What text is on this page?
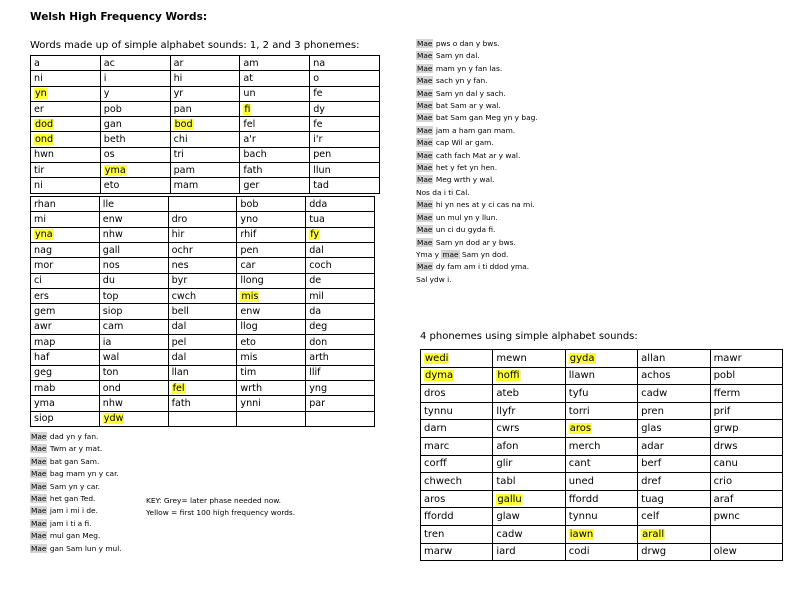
Welsh High Frequency Words:
Words made up of simple alphabet sounds: 1, 2 and 3 phonemes:
a	ac	ar	am	na
ni	i	hi	at	o
yn	y	yr	un	fe
er	pob	pan	fi	dy
dod	gan	bod	fel	fe
ond	beth	chi	a'r	i'r
hwn	os	tri	bach	pen
tir	yma	pam	fath	llun
ni	eto	mam	ger	tad
rhan	lle		bob	dda
mi	enw	dro	yno	tua
yna	nhw	hir	rhif	fy
nag	gall	ochr	pen	dal
mor	nos	nes	car	coch
ci	du	byr	llong	de
ers	top	cwch	mis	mil
gem	siop	bell	enw	da
awr	cam	dal	llog	deg
map	ia	pel	eto	don
haf	wal	dal	mis	arth
geg	ton	llan	tim	llif
mab	ond	fel	wrth	yng
yma	nhw	fath	ynni	par
siop	ydw			
Mae dad yn y fan.
Mae Twm ar y mat.
Mae bat gan Sam.
Mae bag mam yn y car.
Mae Sam yn y car.
Mae het gan Ted.
Mae jam i mi i de.
Mae jam i ti a fi.
Mae mul gan Meg.
Mae gan Sam lun y mul.
KEY: Grey= later phase needed now.
Yellow = first 100 high frequency words.
Mae pws o dan y bws.
Mae Sam yn dal.
Mae mam yn y fan las.
Mae sach yn y fan.
Mae Sam yn dal y sach.
Mae bat Sam ar y wal.
Mae bat Sam gan Meg yn y bag.
Mae jam a ham gan mam.
Mae cap Wil ar gam.
Mae cath fach Mat ar y wal.
Mae het y fet yn hen.
Mae Meg wrth y wal.
Nos da i ti Cal.
Mae hi yn nes at y ci cas na mi.
Mae un mul yn y llun.
Mae un ci du gyda fi.
Mae Sam yn dod ar y bws.
Yma y mae Sam yn dod.
Mae dy fam am i ti ddod yma.
Sal ydw i.
4 phonemes using simple alphabet sounds:
wedi	mewn	gyda	allan	mawr
dyma	hoffi	llawn	achos	pobl
dros	ateb	tyfu	cadw	fferm
tynnu	llyfr	torri	pren	prif
darn	cwrs	aros	glas	grwp
marc	afon	merch	adar	drws
corff	glir	cant	berf	canu
chwech	tabl	uned	dref	crio
aros	gallu	ffordd	tuag	araf
ffordd	glaw	tynnu	celf	pwnc
tren	cadw	iawn	arall	
marw	iard	codi	drwg	olew
